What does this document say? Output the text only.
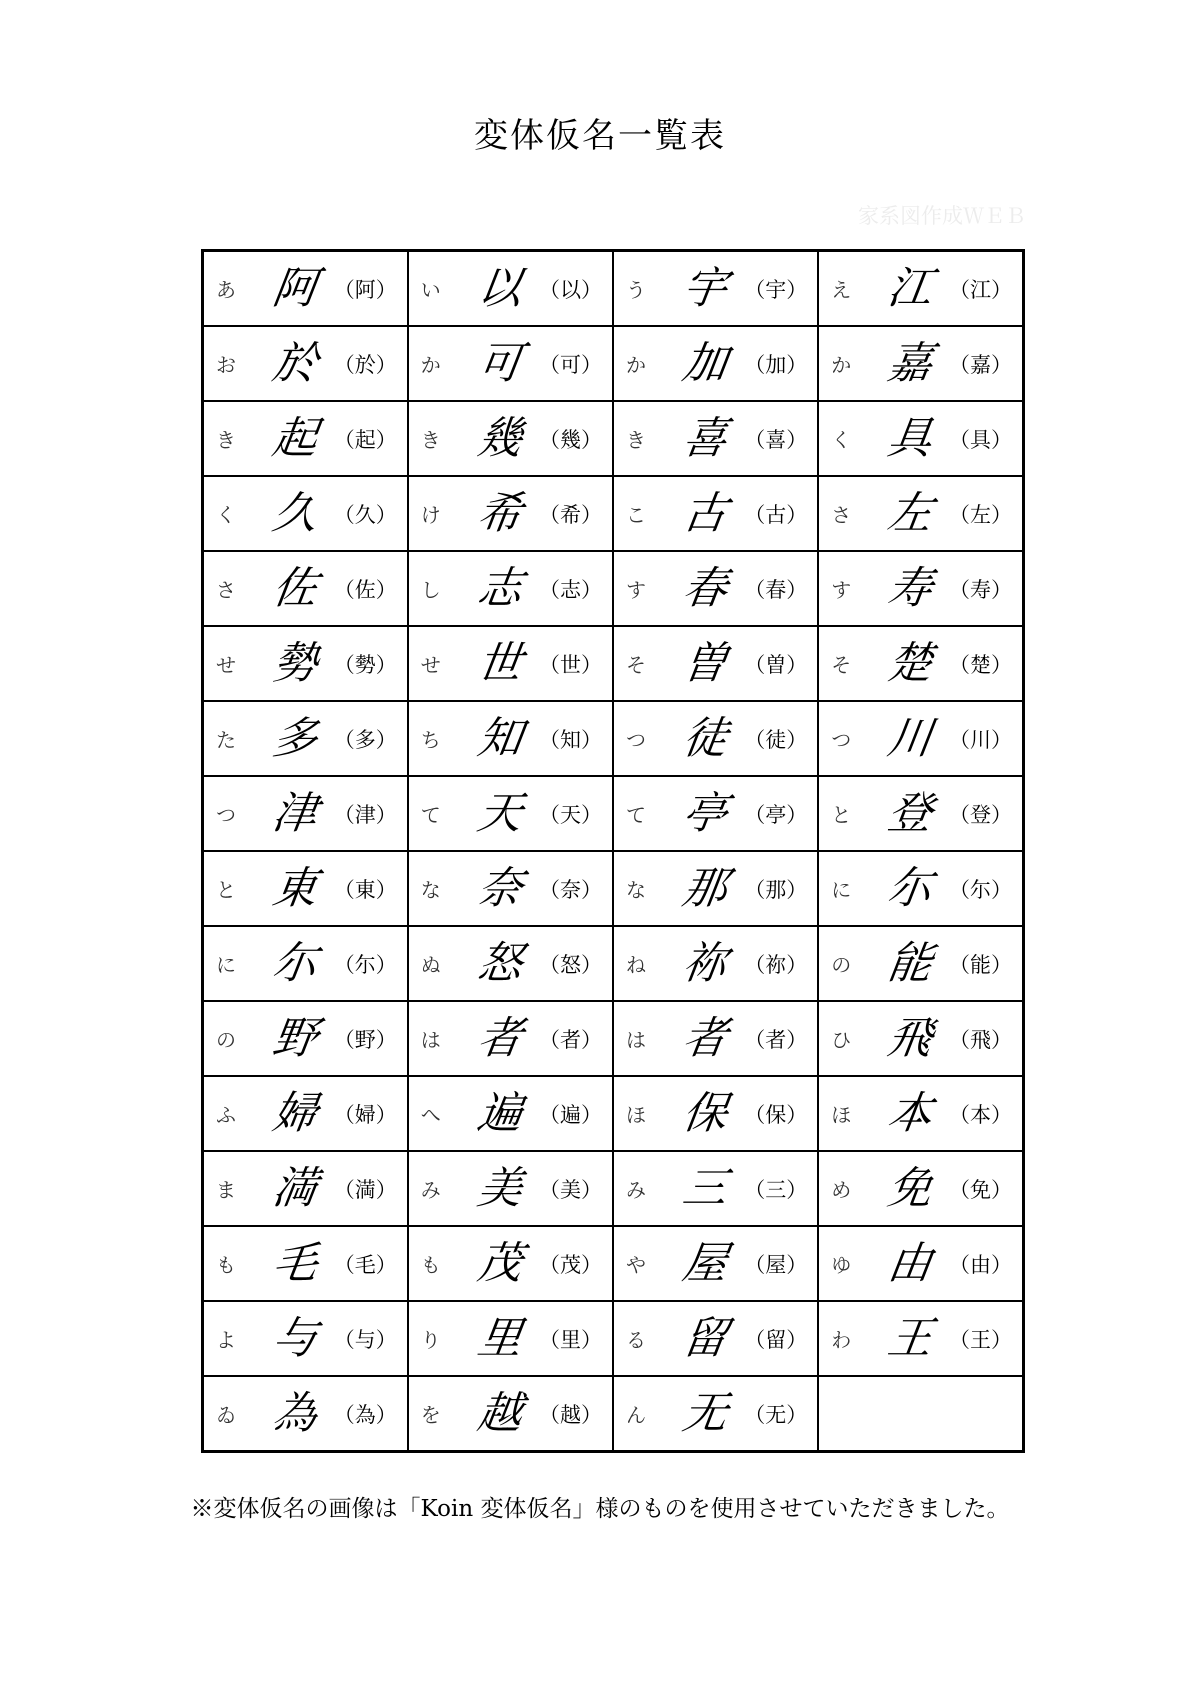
変体仮名一覧表
家系図作成ＷＥＢ
あ 阿 （阿）	い 以 （以）	う 宇 （宇）	え 江 （江）

お 於 （於）	か 可 （可）	か 加 （加）	か 嘉 （嘉）

き 起 （起）	き 幾 （幾）	き 喜 （喜）	く 具 （具）

く 久 （久）	け 希 （希）	こ 古 （古）	さ 左 （左）

さ 佐 （佐）	し 志 （志）	す 春 （春）	す 寿 （寿）

せ 勢 （勢）	せ 世 （世）	そ 曽 （曽）	そ 楚 （楚）

た 多 （多）	ち 知 （知）	つ 徒 （徒）	つ 川 （川）

つ 津 （津）	て 天 （天）	て 亭 （亭）	と 登 （登）

と 東 （東）	な 奈 （奈）	な 那 （那）	に 尓 （尓）

に 尓 （尓）	ぬ 怒 （怒）	ね 祢 （祢）	の 能 （能）

の 野 （野）	は 者 （者）	は 者 （者）	ひ 飛 （飛）

ふ 婦 （婦）	へ 遍 （遍）	ほ 保 （保）	ほ 本 （本）

ま 満 （満）	み 美 （美）	み 三 （三）	め 免 （免）

も 毛 （毛）	も 茂 （茂）	や 屋 （屋）	ゆ 由 （由）

よ 与 （与）	り 里 （里）	る 留 （留）	わ 王 （王）

ゐ 為 （為）	を 越 （越）	ん 无 （无）	

※変体仮名の画像は「Koin 変体仮名」様のものを使用させていただきました。
